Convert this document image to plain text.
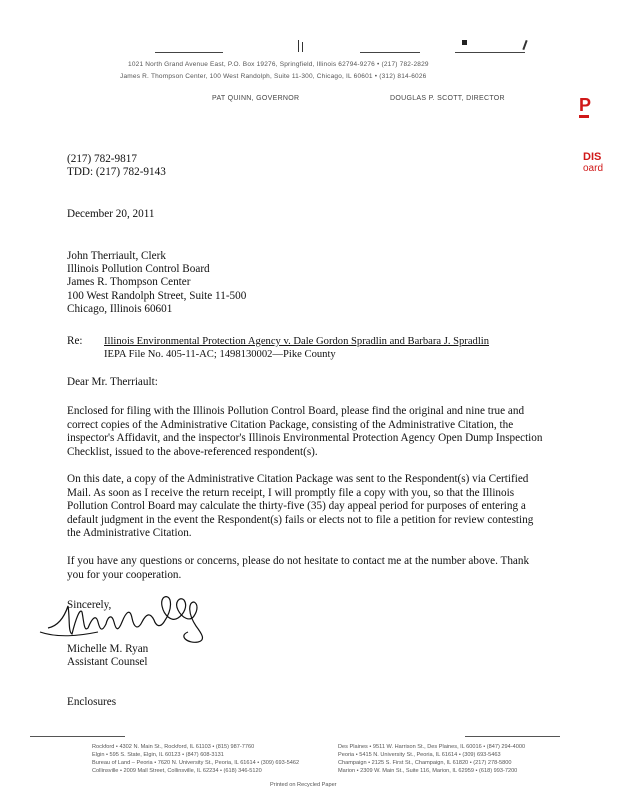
1021 North Grand Avenue East, P.O. Box 19276, Springfield, Illinois 62794-9276 • (217) 782-2829
James R. Thompson Center, 100 West Randolph, Suite 11-300, Chicago, IL 60601 • (312) 814-6026
PAT QUINN, GOVERNOR	DOUGLAS P. SCOTT, DIRECTOR	P
DIS
oard
(217) 782-9817
TDD: (217) 782-9143
December 20, 2011
John Therriault, Clerk
Illinois Pollution Control Board
James R. Thompson Center
100 West Randolph Street, Suite 11-500
Chicago, Illinois 60601
Re: Illinois Environmental Protection Agency v. Dale Gordon Spradlin and Barbara J. Spradlin
IEPA File No. 405-11-AC; 1498130002—Pike County
Dear Mr. Therriault:
Enclosed for filing with the Illinois Pollution Control Board, please find the original and nine true and correct copies of the Administrative Citation Package, consisting of the Administrative Citation, the inspector's Affidavit, and the inspector's Illinois Environmental Protection Agency Open Dump Inspection Checklist, issued to the above-referenced respondent(s).
On this date, a copy of the Administrative Citation Package was sent to the Respondent(s) via Certified Mail. As soon as I receive the return receipt, I will promptly file a copy with you, so that the Illinois Pollution Control Board may calculate the thirty-five (35) day appeal period for purposes of entering a default judgment in the event the Respondent(s) fails or elects not to file a petition for review contesting the Administrative Citation.
If you have any questions or concerns, please do not hesitate to contact me at the number above. Thank you for your cooperation.
Sincerely,
Michelle M. Ryan
Assistant Counsel
Enclosures
Rockford • 4302 N. Main St., Rockford, IL 61103 • (815) 987-7760
Elgin • 595 S. State, Elgin, IL 60123 • (847) 608-3131
Bureau of Land – Peoria • 7620 N. University St., Peoria, IL 61614 • (309) 693-5462
Collinsville • 2009 Mall Street, Collinsville, IL 62234 • (618) 346-5120
Des Plaines • 9511 W. Harrison St., Des Plaines, IL 60016 • (847) 294-4000
Peoria • 5415 N. University St., Peoria, IL 61614 • (309) 693-5463
Champaign • 2125 S. First St., Champaign, IL 61820 • (217) 278-5800
Marion • 2309 W. Main St., Suite 116, Marion, IL 62959 • (618) 993-7200
Printed on Recycled Paper
